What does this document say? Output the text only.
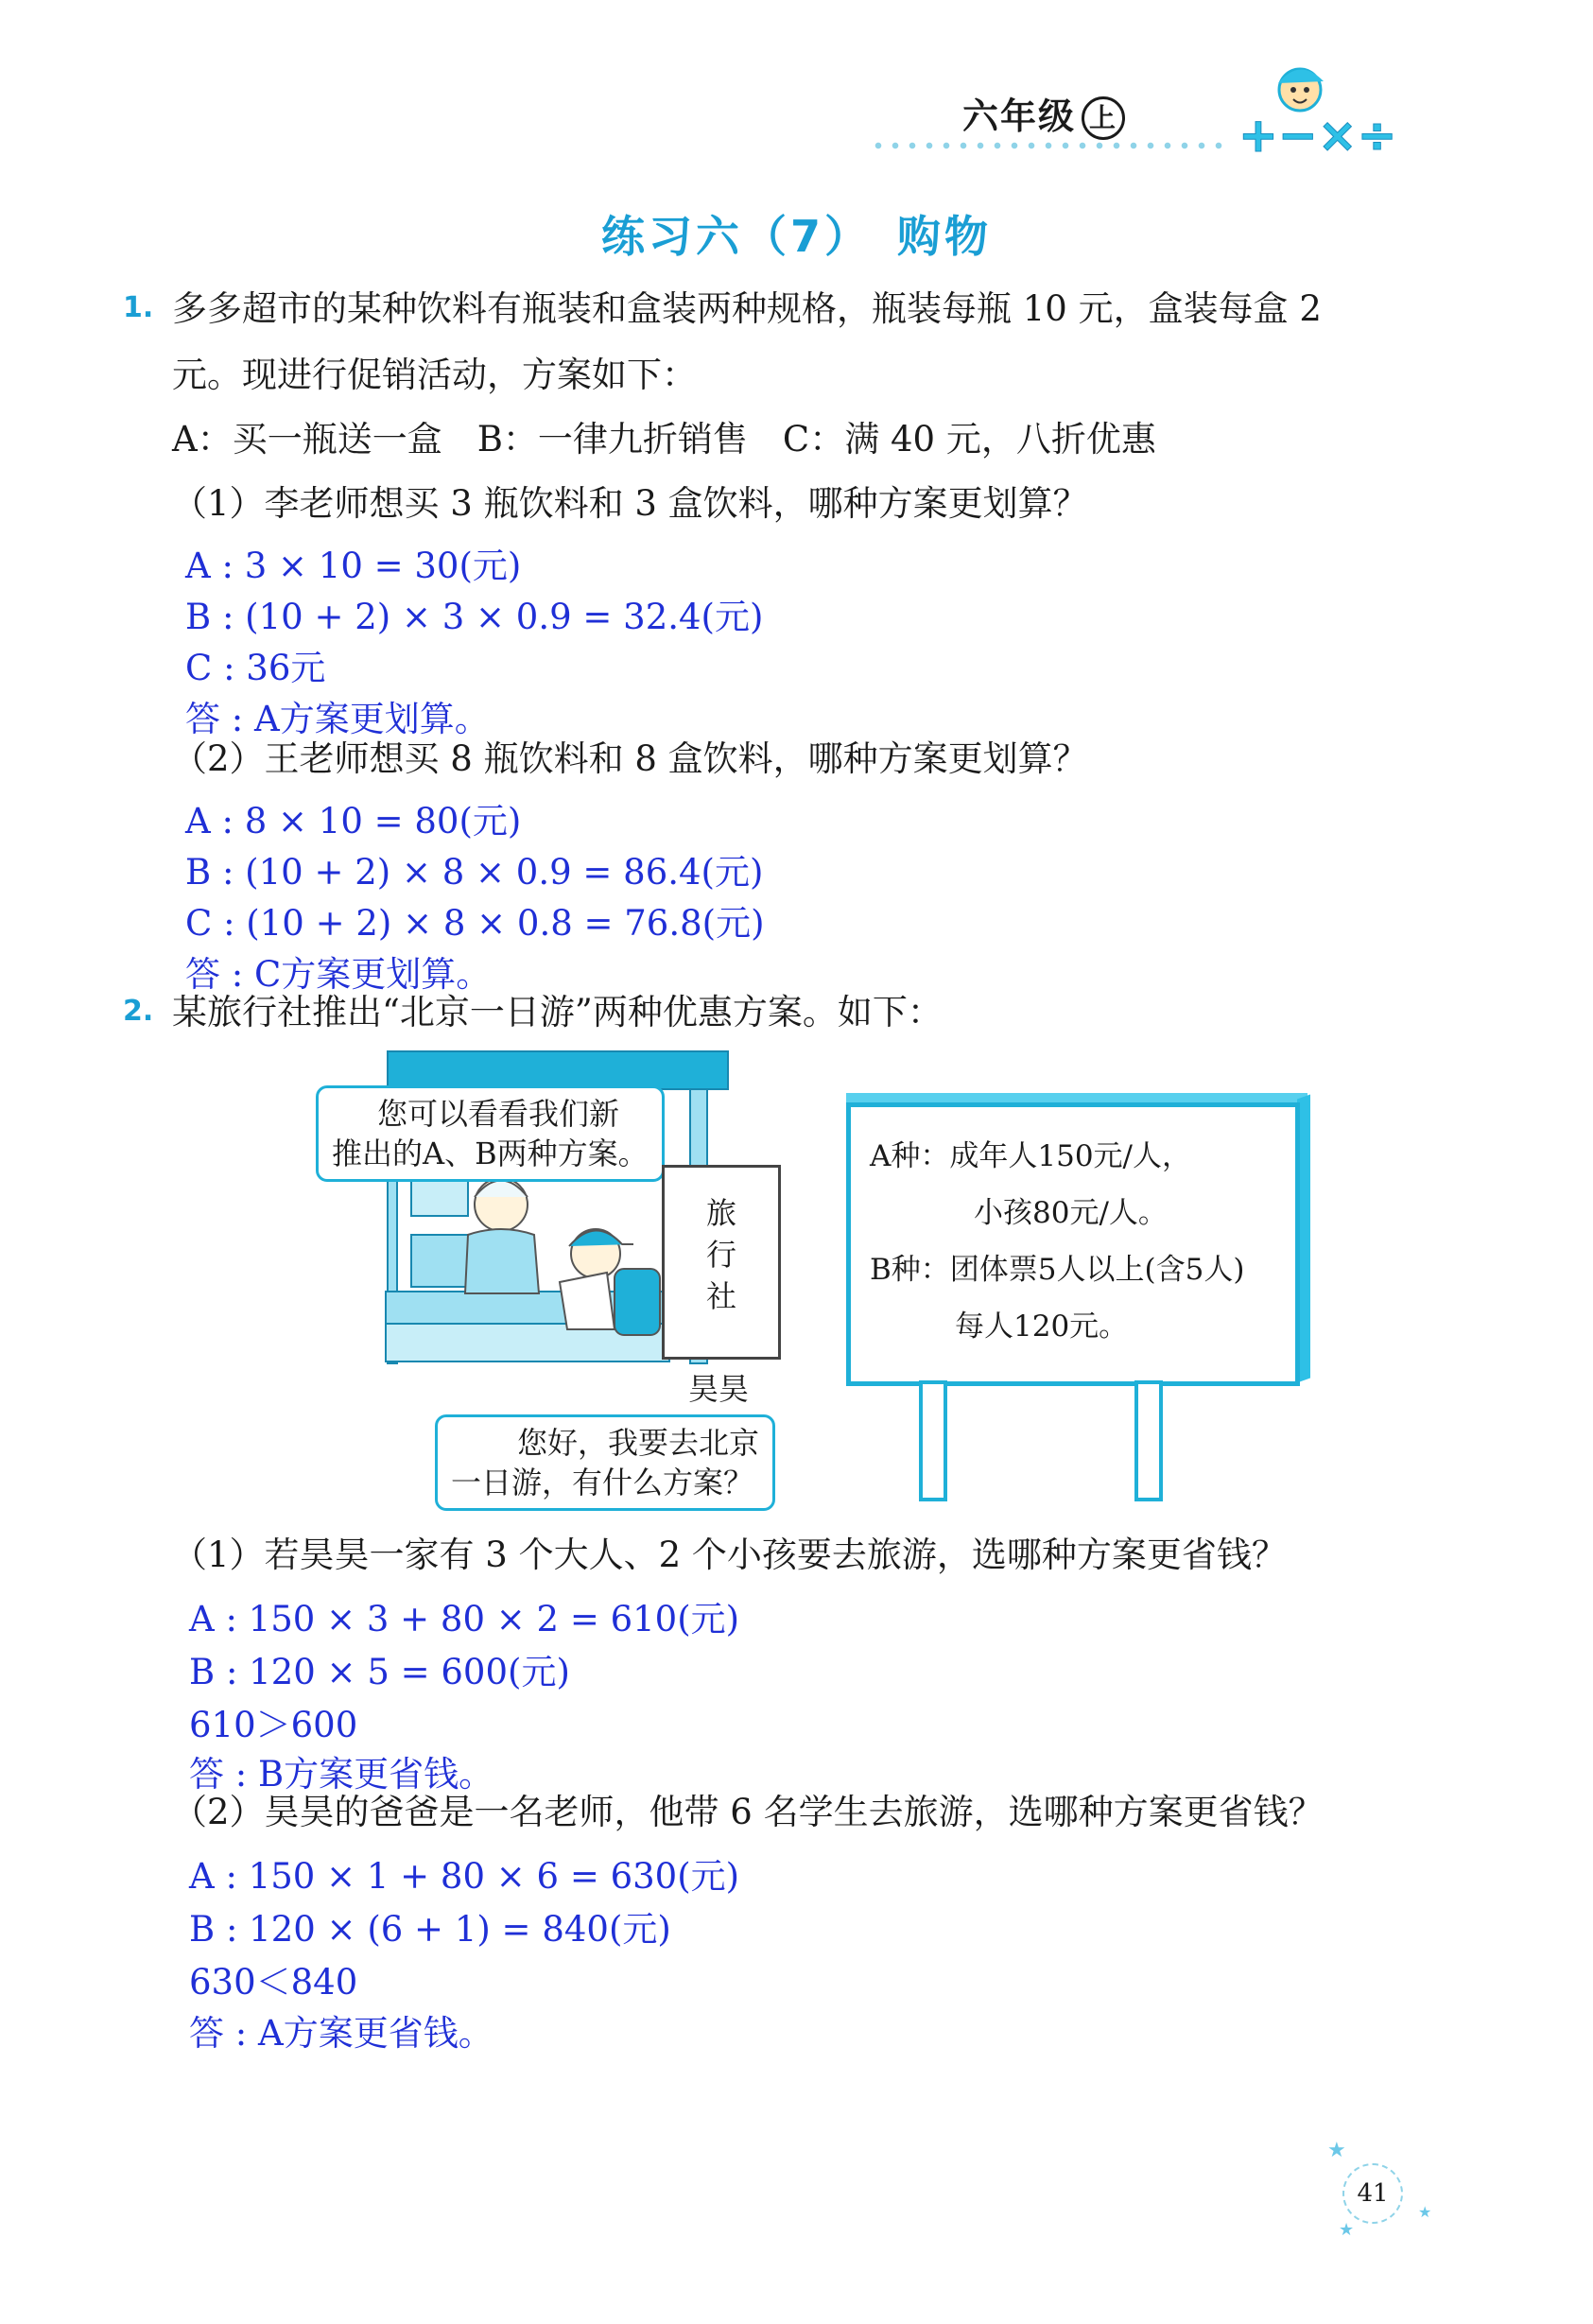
六年级 上	+−×÷
练习六（7）　购物
1. 多多超市的某种饮料有瓶装和盒装两种规格，瓶装每瓶 10 元，盒装每盒 2
元。现进行促销活动，方案如下：
A：买一瓶送一盒　B：一律九折销售　C：满 40 元，八折优惠
（1）李老师想买 3 瓶饮料和 3 盒饮料，哪种方案更划算？
A : 3 × 10 = 30(元)
B : (10 + 2) × 3 × 0.9 = 32.4(元)
C : 36元
答 : A方案更划算。
（2）王老师想买 8 瓶饮料和 8 盒饮料，哪种方案更划算？
A : 8 × 10 = 80(元)
B : (10 + 2) × 8 × 0.9 = 86.4(元)
C : (10 + 2) × 8 × 0.8 = 76.8(元)
答 : C方案更划算。
2. 某旅行社推出“北京一日游”两种优惠方案。如下：
您可以看看我们新
推出的A、B两种方案。
旅
行
社
昊昊
您好，我要去北京
一日游，有什么方案？
A种：成年人150元/人，
小孩80元/人。
B种：团体票5人以上(含5人)
每人120元。
（1）若昊昊一家有 3 个大人、2 个小孩要去旅游，选哪种方案更省钱？
A : 150 × 3 + 80 × 2 = 610(元)
B : 120 × 5 = 600(元)
610＞600
答 : B方案更省钱。
（2）昊昊的爸爸是一名老师，他带 6 名学生去旅游，选哪种方案更省钱？
A : 150 × 1 + 80 × 6 = 630(元)
B : 120 × (6 + 1) = 840(元)
630＜840
答 : A方案更省钱。
★
★
★
41
